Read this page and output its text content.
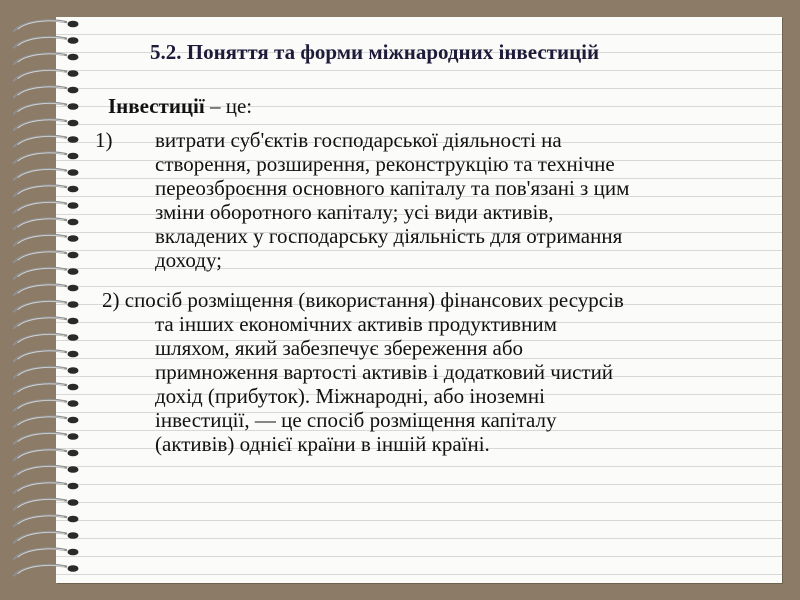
5.2. Поняття та форми міжнародних інвестицій
Інвестиції – це:
1) витрати суб'єктів господарської діяльності на
створення, розширення, реконструкцію та технічне
переозброєння основного капіталу та пов'язані з цим
зміни оборотного капіталу; усі види активів,
вкладених у господарську діяльність для отримання
доходу;
2) спосіб розміщення (використання) фінансових ресурсів
та інших економічних активів продуктивним
шляхом, який забезпечує збереження або
примноження вартості активів і додатковий чистий
дохід (прибуток). Міжнародні, або іноземні
інвестиції, — це спосіб розміщення капіталу
(активів) однієї країни в іншій країні.
